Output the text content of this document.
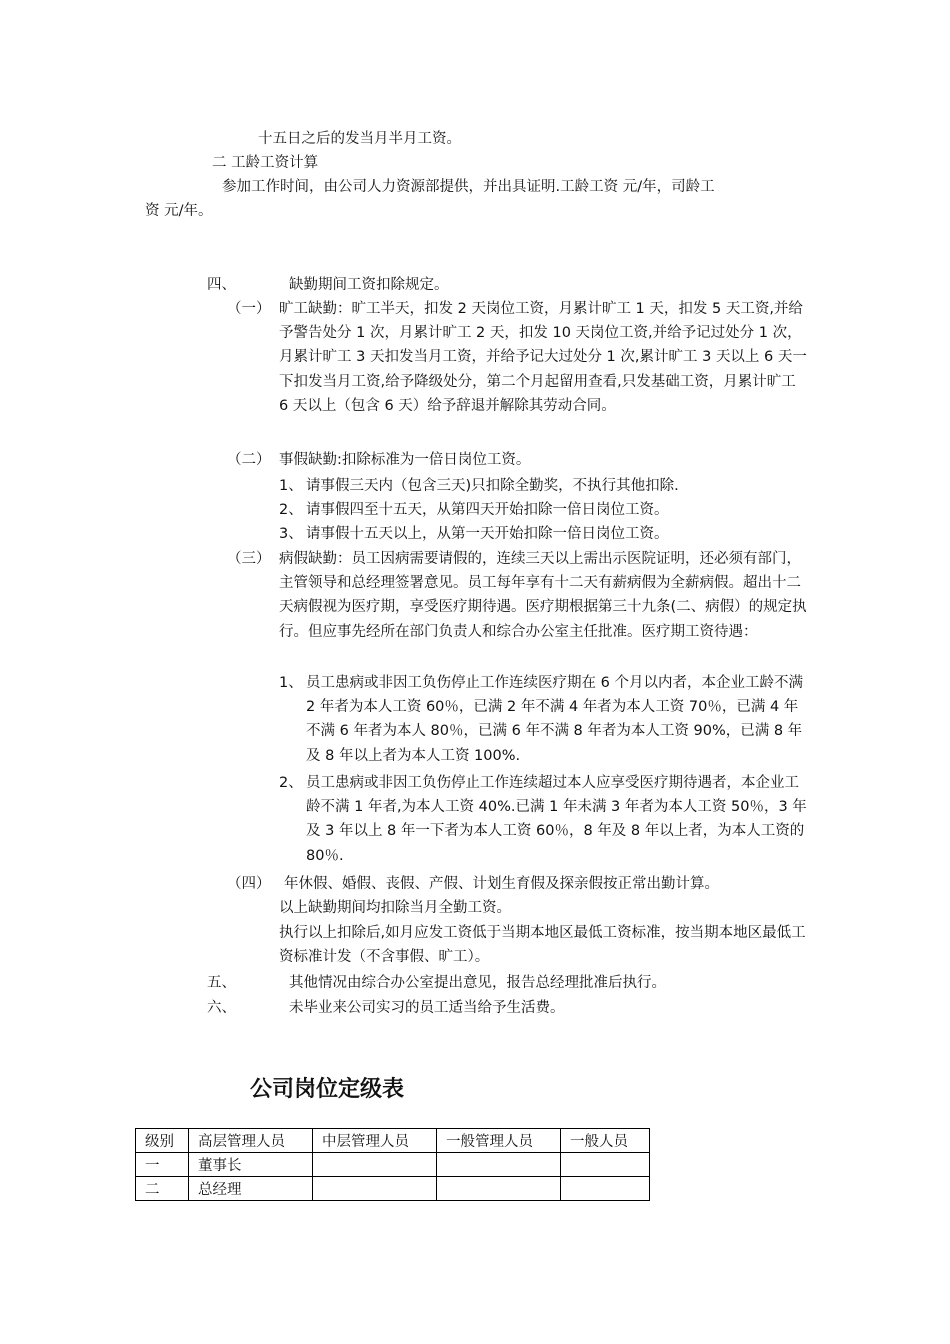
十五日之后的发当月半月工资。
二 工龄工资计算
参加工作时间，由公司人力资源部提供，并出具证明.工龄工资 元/年，司龄工
资 元/年。
四、	缺勤期间工资扣除规定。
（一） 旷工缺勤：旷工半天，扣发 2 天岗位工资，月累计旷工 1 天，扣发 5 天工资,并给予警告处分 1 次，月累计旷工 2 天，扣发 10 天岗位工资,并给予记过处分 1 次，月累计旷工 3 天扣发当月工资，并给予记大过处分 1 次,累计旷工 3 天以上 6 天一下扣发当月工资,给予降级处分，第二个月起留用查看,只发基础工资，月累计旷工 6 天以上（包含 6 天）给予辞退并解除其劳动合同。
（二） 事假缺勤:扣除标准为一倍日岗位工资。
1、 请事假三天内（包含三天)只扣除全勤奖，不执行其他扣除.
2、 请事假四至十五天，从第四天开始扣除一倍日岗位工资。
3、 请事假十五天以上，从第一天开始扣除一倍日岗位工资。
（三） 病假缺勤：员工因病需要请假的，连续三天以上需出示医院证明，还必须有部门，主管领导和总经理签署意见。员工每年享有十二天有薪病假为全薪病假。超出十二天病假视为医疗期，享受医疗期待遇。医疗期根据第三十九条(二、病假）的规定执行。但应事先经所在部门负责人和综合办公室主任批准。医疗期工资待遇：
1、 员工患病或非因工负伤停止工作连续医疗期在 6 个月以内者，本企业工龄不满 2 年者为本人工资 60％，已满 2 年不满 4 年者为本人工资 70％，已满 4 年不满 6 年者为本人 80％，已满 6 年不满 8 年者为本人工资 90%，已满 8 年及 8 年以上者为本人工资 100%.
2、 员工患病或非因工负伤停止工作连续超过本人应享受医疗期待遇者，本企业工龄不满 1 年者,为本人工资 40%.已满 1 年未满 3 年者为本人工资 50％，3 年及 3 年以上 8 年一下者为本人工资 60％，8 年及 8 年以上者，为本人工资的 80％.
（四） 年休假、婚假、丧假、产假、计划生育假及探亲假按正常出勤计算。
以上缺勤期间均扣除当月全勤工资。
执行以上扣除后,如月应发工资低于当期本地区最低工资标准，按当期本地区最低工资标准计发（不含事假、旷工）。
五、	其他情况由综合办公室提出意见，报告总经理批准后执行。
六、	未毕业来公司实习的员工适当给予生活费。
公司岗位定级表
级别	高层管理人员	中层管理人员	一般管理人员	一般人员
一	董事长			
二	总经理			
